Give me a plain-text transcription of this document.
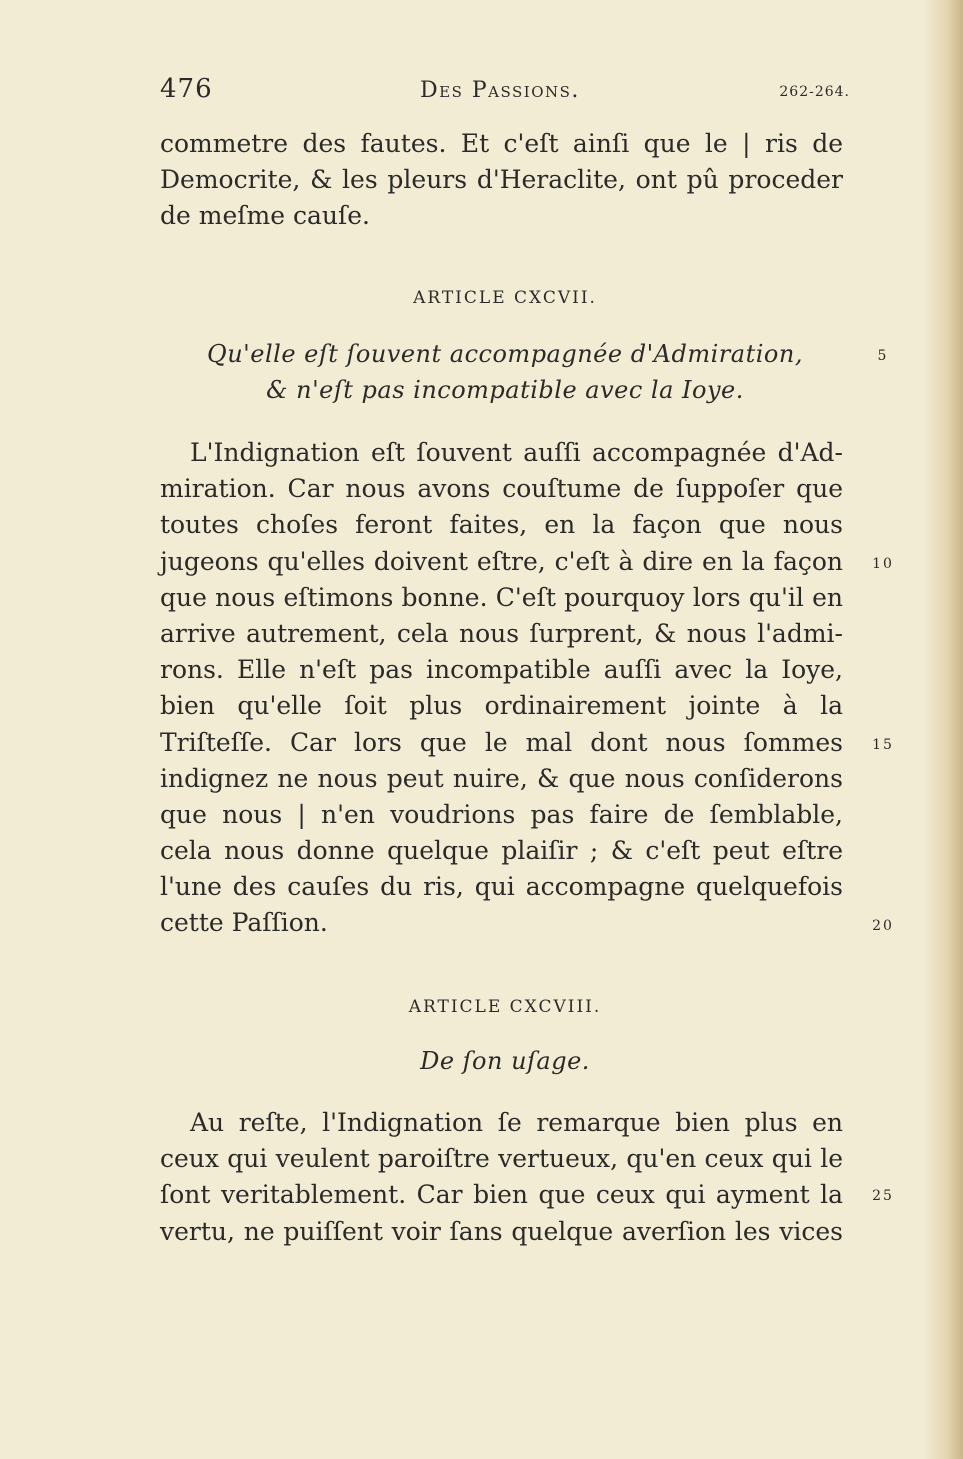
476	Des Passions.	262-264.
commetre des fautes. Et c'eſt ainſi que le | ris de
Democrite, & les pleurs d'Heraclite, ont pû proceder
de meſme cauſe.
ARTICLE CXCVII.
Qu'elle eſt ſouvent accompagnée d'Admiration,
& n'eſt pas incompatible avec la Ioye.
5
L'Indignation eſt ſouvent auſſi accompagnée d'Ad-
miration. Car nous avons couſtume de ſuppoſer que
toutes choſes feront faites, en la façon que nous
jugeons qu'elles doivent eſtre, c'eſt à dire en la façon
que nous eſtimons bonne. C'eſt pourquoy lors qu'il en
arrive autrement, cela nous ſurprent, & nous l'admi-
rons. Elle n'eſt pas incompatible auſſi avec la Ioye,
bien qu'elle ſoit plus ordinairement jointe à la
Triſteſſe. Car lors que le mal dont nous ſommes
indignez ne nous peut nuire, & que nous conſiderons
que nous | n'en voudrions pas faire de ſemblable,
cela nous donne quelque plaiſir ; & c'eſt peut eſtre
l'une des cauſes du ris, qui accompagne quelquefois
cette Paſſion.
10
15
20
ARTICLE CXCVIII.
De ſon uſage.
Au reſte, l'Indignation ſe remarque bien plus en
ceux qui veulent paroiſtre vertueux, qu'en ceux qui le
ſont veritablement. Car bien que ceux qui ayment la
vertu, ne puiſſent voir ſans quelque averſion les vices
25
